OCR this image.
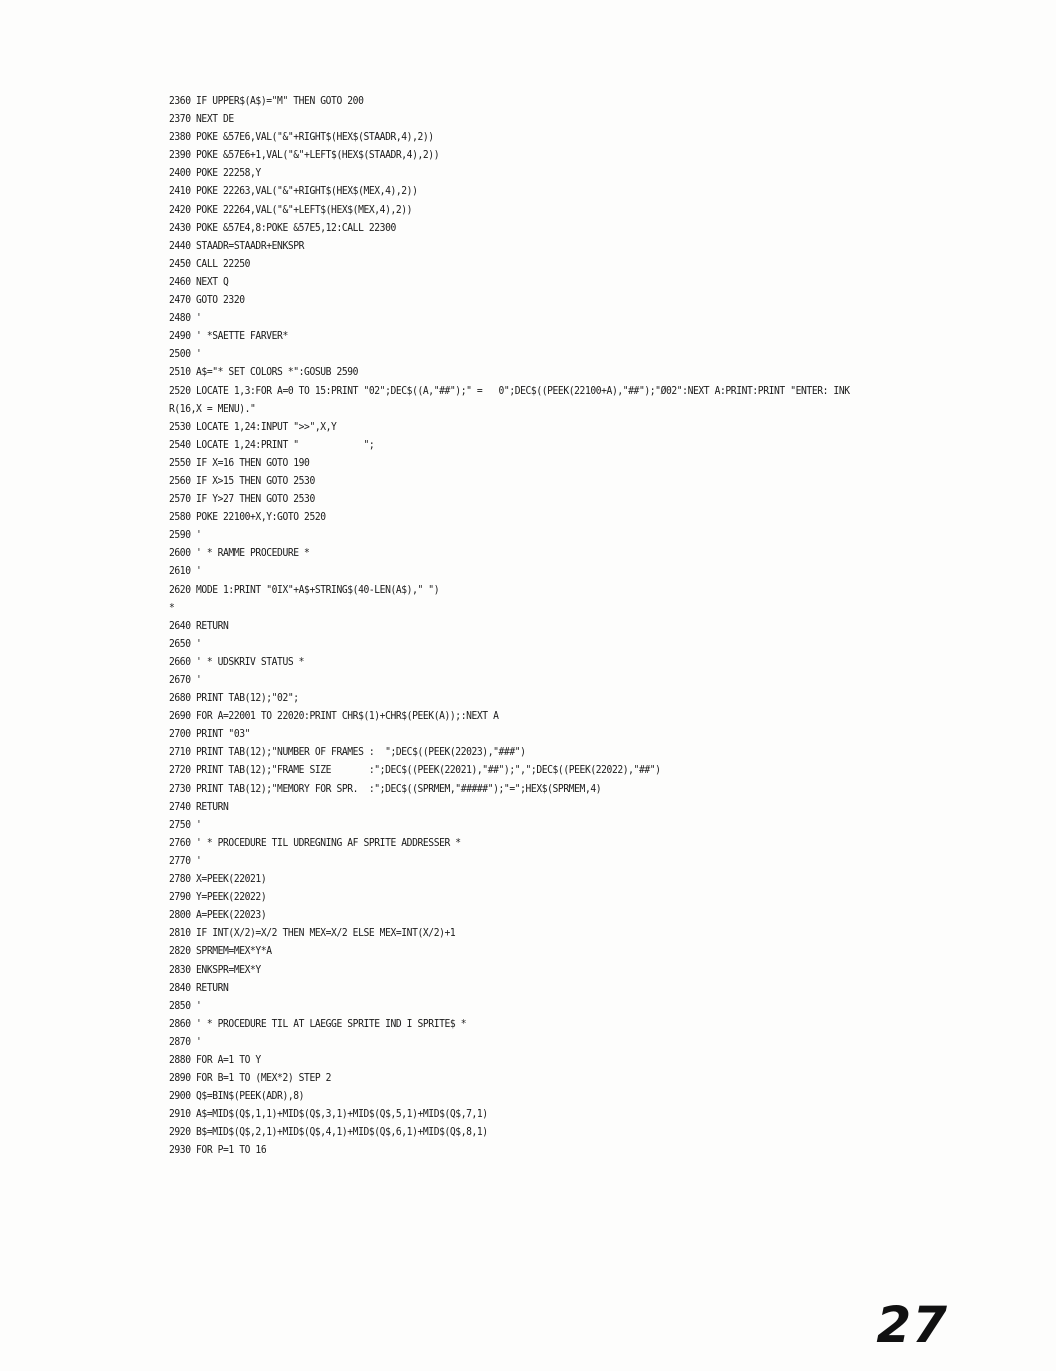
2360 IF UPPER$(A$)="M" THEN GOTO 200
2370 NEXT DE
2380 POKE &57E6,VAL("&"+RIGHT$(HEX$(STAADR,4),2))
2390 POKE &57E6+1,VAL("&"+LEFT$(HEX$(STAADR,4),2))
2400 POKE 22258,Y
2410 POKE 22263,VAL("&"+RIGHT$(HEX$(MEX,4),2))
2420 POKE 22264,VAL("&"+LEFT$(HEX$(MEX,4),2))
2430 POKE &57E4,8:POKE &57E5,12:CALL 22300
2440 STAADR=STAADR+ENKSPR
2450 CALL 22250
2460 NEXT Q
2470 GOTO 2320
2480 '
2490 ' *SAETTE FARVER*
2500 '
2510 A$="* SET COLORS *":GOSUB 2590
2520 LOCATE 1,3:FOR A=0 TO 15:PRINT "02";DEC$((A,"##");" =   0";DEC$((PEEK(22100+A),"##");"Ø02":NEXT A:PRINT:PRINT "ENTER: INK
R(16,X = MENU)."
2530 LOCATE 1,24:INPUT ">>",X,Y
2540 LOCATE 1,24:PRINT "            ";
2550 IF X=16 THEN GOTO 190
2560 IF X>15 THEN GOTO 2530
2570 IF Y>27 THEN GOTO 2530
2580 POKE 22100+X,Y:GOTO 2520
2590 '
2600 ' * RAMME PROCEDURE *
2610 '
2620 MODE 1:PRINT "0IX"+A$+STRING$(40-LEN(A$)," ")
*
2640 RETURN
2650 '
2660 ' * UDSKRIV STATUS *
2670 '
2680 PRINT TAB(12);"02";
2690 FOR A=22001 TO 22020:PRINT CHR$(1)+CHR$(PEEK(A));:NEXT A
2700 PRINT "03"
2710 PRINT TAB(12);"NUMBER OF FRAMES :  ";DEC$((PEEK(22023),"###")
2720 PRINT TAB(12);"FRAME SIZE       :";DEC$((PEEK(22021),"##");",";DEC$((PEEK(22022),"##")
2730 PRINT TAB(12);"MEMORY FOR SPR.  :";DEC$((SPRMEM,"#####");"=";HEX$(SPRMEM,4)
2740 RETURN
2750 '
2760 ' * PROCEDURE TIL UDREGNING AF SPRITE ADDRESSER *
2770 '
2780 X=PEEK(22021)
2790 Y=PEEK(22022)
2800 A=PEEK(22023)
2810 IF INT(X/2)=X/2 THEN MEX=X/2 ELSE MEX=INT(X/2)+1
2820 SPRMEM=MEX*Y*A
2830 ENKSPR=MEX*Y
2840 RETURN
2850 '
2860 ' * PROCEDURE TIL AT LAEGGE SPRITE IND I SPRITE$ *
2870 '
2880 FOR A=1 TO Y
2890 FOR B=1 TO (MEX*2) STEP 2
2900 Q$=BIN$(PEEK(ADR),8)
2910 A$=MID$(Q$,1,1)+MID$(Q$,3,1)+MID$(Q$,5,1)+MID$(Q$,7,1)
2920 B$=MID$(Q$,2,1)+MID$(Q$,4,1)+MID$(Q$,6,1)+MID$(Q$,8,1)
2930 FOR P=1 TO 16
27
